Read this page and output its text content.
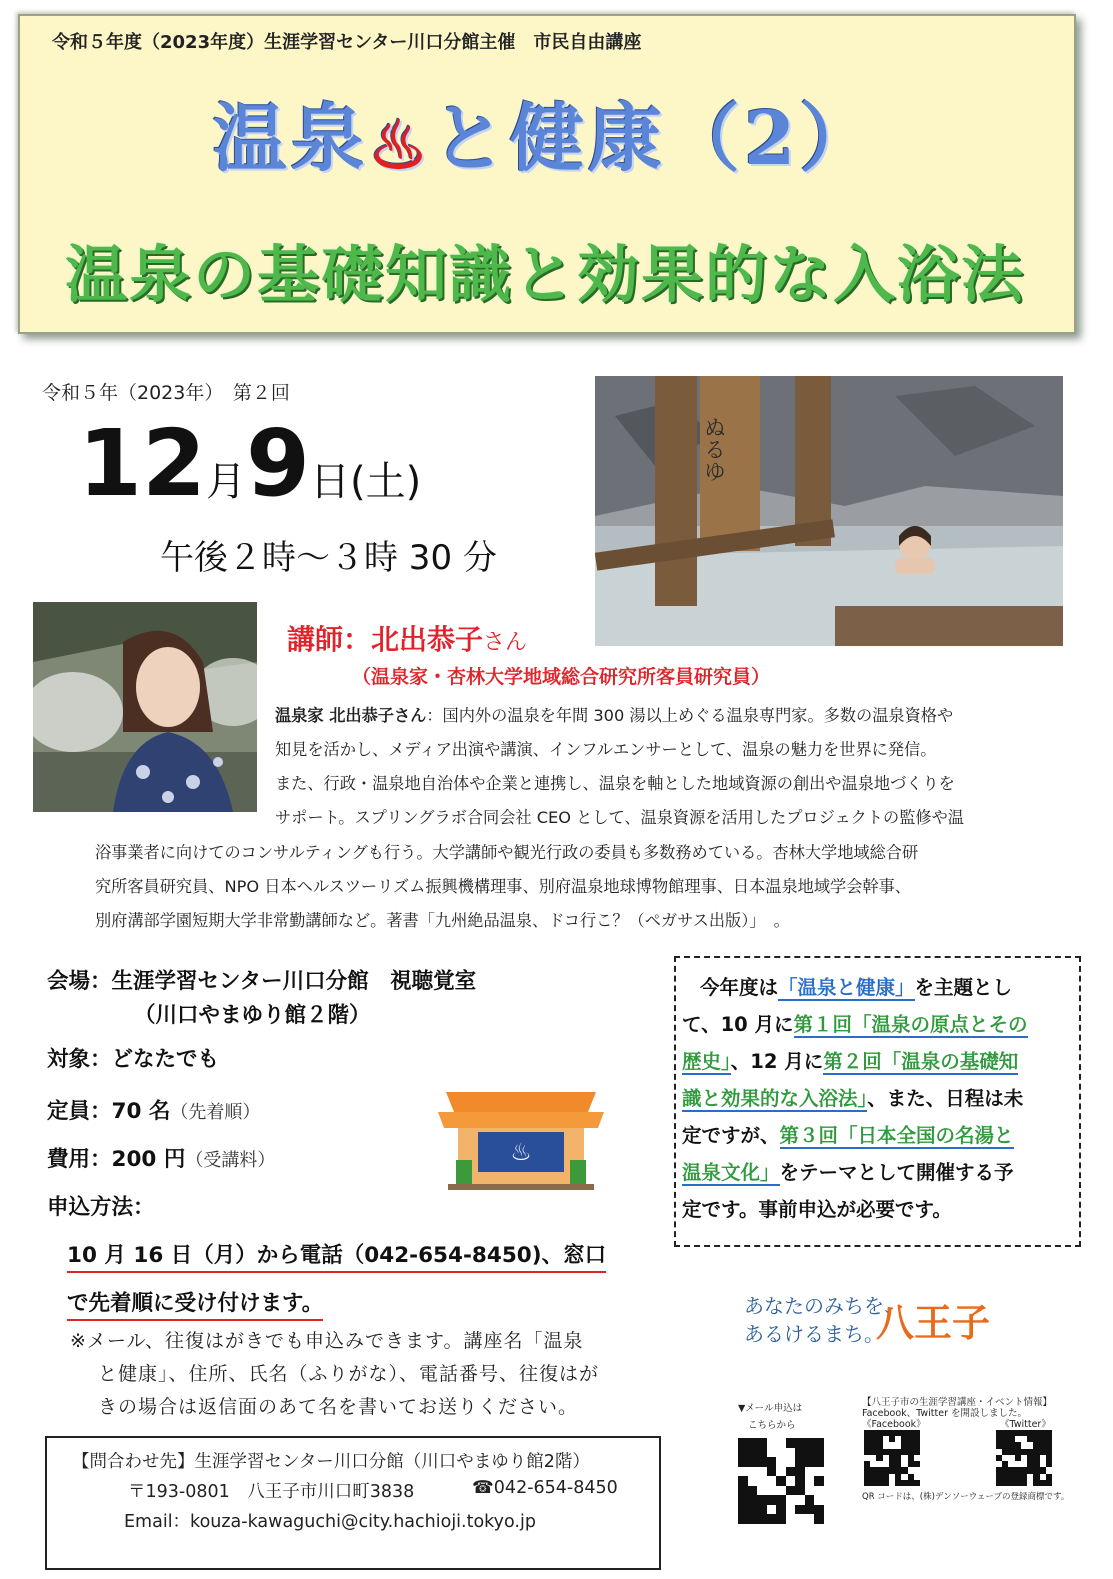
令和５年度（2023年度）生涯学習センター川口分館主催　市民自由講座
温泉♨と健康（2）
温泉の基礎知識と効果的な入浴法
令和５年（2023年）　第２回
12月9日(土)
午後２時～３時 30 分
ぬるゆ
講師：北出恭子さん
（温泉家・杏林大学地域総合研究所客員研究員）
温泉家 北出恭子さん：国内外の温泉を年間 300 湯以上めぐる温泉専門家。多数の温泉資格や
知見を活かし、メディア出演や講演、インフルエンサーとして、温泉の魅力を世界に発信。
また、行政・温泉地自治体や企業と連携し、温泉を軸とした地域資源の創出や温泉地づくりを
サポート。スプリングラボ合同会社 CEO として、温泉資源を活用したプロジェクトの監修や温
浴事業者に向けてのコンサルティングも行う。大学講師や観光行政の委員も多数務めている。杏林大学地域総合研
究所客員研究員、NPO 日本ヘルスツーリズム振興機構理事、別府温泉地球博物館理事、日本温泉地域学会幹事、
別府溝部学園短期大学非常勤講師など。著書「九州絶品温泉、ドコ行こ？（ペガサス出版）」　。
会場：生涯学習センター川口分館　視聴覚室
（川口やまゆり館２階）
対象：どなたでも
定員：70 名（先着順）
費用：200 円（受講料）
申込方法：
10 月 16 日（月）から電話（042-654-8450)、窓口
で先着順に受け付けます。
※メール、往復はがきでも申込みできます。講座名「温泉
と健康」、住所、氏名（ふりがな）、電話番号、往復はが
きの場合は返信面のあて名を書いてお送りください。
♨
今年度は「温泉と健康」を主題とし
て、10 月に第１回「温泉の原点とその
歴史」、12 月に第２回「温泉の基礎知
識と効果的な入浴法」、また、日程は未
定ですが、第３回「日本全国の名湯と
温泉文化」をテーマとして開催する予
定です。事前申込が必要です。
あなたのみちを、
あるけるまち。
八王子
【問合わせ先】生涯学習センター川口分館（川口やまゆり館2階）
〒193-0801　八王子市川口町3838	☎042-654-8450
Email：kouza-kawaguchi@city.hachioji.tokyo.jp
▼メール申込は
こちらから
【八王子市の生涯学習講座・イベント情報】
Facebook、Twitter を開設しました。
《Facebook》	《Twitter》
QR コードは、(株)デンソーウェーブの登録商標です。
